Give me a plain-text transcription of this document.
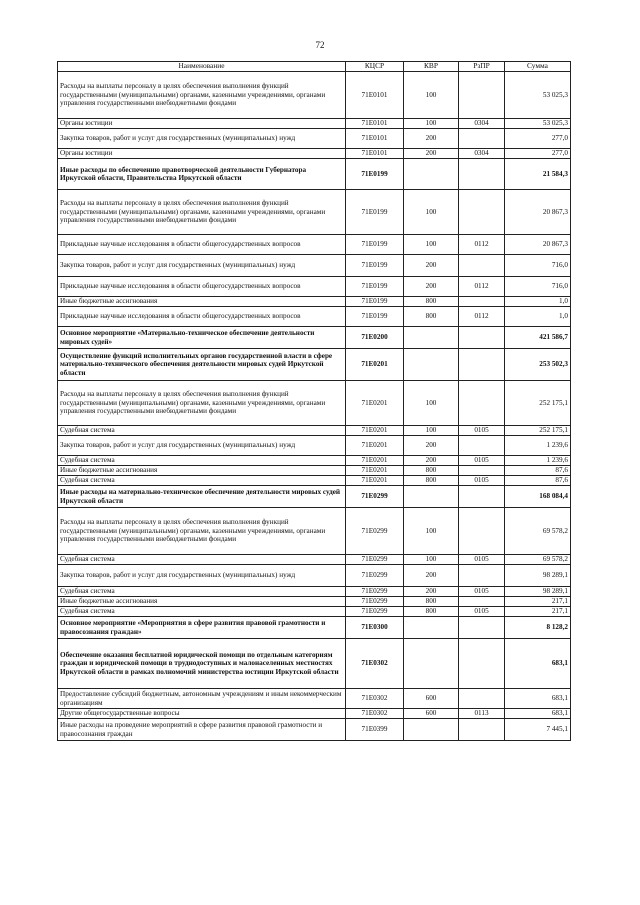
72
Наименование	КЦСР	КВР	РзПР	Сумма
Расходы на выплаты персоналу в целях обеспечения выполнения функций государственными (муниципальными) органами, казенными учреждениями, органами управления государственными внебюджетными фондами	71Е0101	100		53 025,3
Органы юстиции	71Е0101	100	0304	53 025,3
Закупка товаров, работ и услуг для государственных (муниципальных) нужд	71Е0101	200		277,0
Органы юстиции	71Е0101	200	0304	277,0
Иные расходы по обеспечению правотворческой деятельности Губернатора Иркутской области, Правительства Иркутской области	71Е0199			21 584,3
Расходы на выплаты персоналу в целях обеспечения выполнения функций государственными (муниципальными) органами, казенными учреждениями, органами управления государственными внебюджетными фондами	71Е0199	100		20 867,3
Прикладные научные исследования в области общегосударственных вопросов	71Е0199	100	0112	20 867,3
Закупка товаров, работ и услуг для государственных (муниципальных) нужд	71Е0199	200		716,0
Прикладные научные исследования в области общегосударственных вопросов	71Е0199	200	0112	716,0
Иные бюджетные ассигнования	71Е0199	800		1,0
Прикладные научные исследования в области общегосударственных вопросов	71Е0199	800	0112	1,0
Основное мероприятие «Материально-техническое обеспечение деятельности мировых судей»	71Е0200			421 586,7
Осуществление функций исполнительных органов государственной власти в сфере материально-технического обеспечения деятельности мировых судей Иркутской области	71Е0201			253 502,3
Расходы на выплаты персоналу в целях обеспечения выполнения функций государственными (муниципальными) органами, казенными учреждениями, органами управления государственными внебюджетными фондами	71Е0201	100		252 175,1
Судебная система	71Е0201	100	0105	252 175,1
Закупка товаров, работ и услуг для государственных (муниципальных) нужд	71Е0201	200		1 239,6
Судебная система	71Е0201	200	0105	1 239,6
Иные бюджетные ассигнования	71Е0201	800		87,6
Судебная система	71Е0201	800	0105	87,6
Иные расходы на материально-техническое обеспечение деятельности мировых судей Иркутской области	71Е0299			168 084,4
Расходы на выплаты персоналу в целях обеспечения выполнения функций государственными (муниципальными) органами, казенными учреждениями, органами управления государственными внебюджетными фондами	71Е0299	100		69 578,2
Судебная система	71Е0299	100	0105	69 578,2
Закупка товаров, работ и услуг для государственных (муниципальных) нужд	71Е0299	200		98 289,1
Судебная система	71Е0299	200	0105	98 289,1
Иные бюджетные ассигнования	71Е0299	800		217,1
Судебная система	71Е0299	800	0105	217,1
Основное мероприятие «Мероприятия в сфере развития правовой грамотности и правосознания граждан»	71Е0300			8 128,2
Обеспечение оказания бесплатной юридической помощи по отдельным категориям граждан и юридической помощи в труднодоступных и малонаселенных местностях Иркутской области в рамках полномочий министерства юстиции Иркутской области	71Е0302			683,1
Предоставление субсидий бюджетным, автономным учреждениям и иным некоммерческим организациям	71Е0302	600		683,1
Другие общегосударственные вопросы	71Е0302	600	0113	683,1
Иные расходы на проведение мероприятий в сфере развития правовой грамотности и правосознания граждан	71Е0399			7 445,1
